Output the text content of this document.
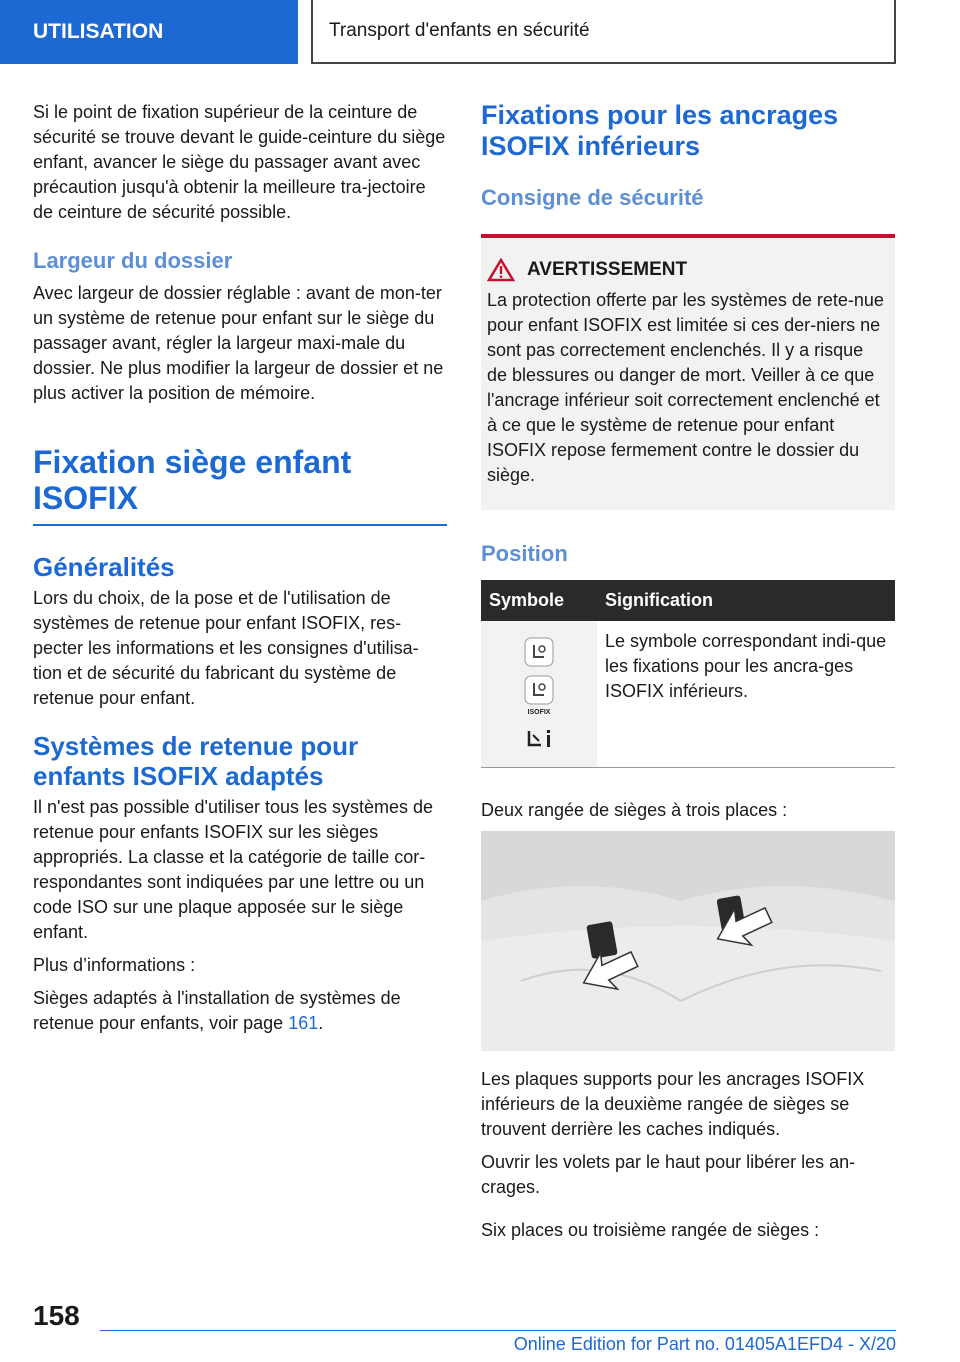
UTILISATION	Transport d'enfants en sécurité

Si le point de fixation supérieur de la ceinture de sécurité se trouve devant le guide-ceinture du siège enfant, avancer le siège du passager avant avec précaution jusqu'à obtenir la meilleure tra-jectoire de ceinture de sécurité possible.

Largeur du dossier

Avec largeur de dossier réglable : avant de mon-ter un système de retenue pour enfant sur le siège du passager avant, régler la largeur maxi-male du dossier. Ne plus modifier la largeur de dossier et ne plus activer la position de mémoire.

Fixation siège enfant ISOFIX
Généralités

Lors du choix, de la pose et de l'utilisation de systèmes de retenue pour enfant ISOFIX, res-pecter les informations et les consignes d'utilisa-tion et de sécurité du fabricant du système de retenue pour enfant.

Systèmes de retenue pour enfants ISOFIX adaptés

Il n'est pas possible d'utiliser tous les systèmes de retenue pour enfants ISOFIX sur les sièges appropriés. La classe et la catégorie de taille cor-respondantes sont indiquées par une lettre ou un code ISO sur une plaque apposée sur le siège enfant.

Plus d’informations :

Sièges adaptés à l'installation de systèmes de retenue pour enfants, voir page 161.

Fixations pour les ancrages ISOFIX inférieurs
Consigne de sécurité
AVERTISSEMENT

La protection offerte par les systèmes de rete-nue pour enfant ISOFIX est limitée si ces der-niers ne sont pas correctement enclenchés. Il y a risque de blessures ou danger de mort. Veiller à ce que l'ancrage inférieur soit correctement enclenché et à ce que le système de retenue pour enfant ISOFIX repose fermement contre le dossier du siège.

Position
Symbole	Signification

ISOFIX	Le symbole correspondant indi-que les fixations pour les ancra-ges ISOFIX inférieurs.

Deux rangée de sièges à trois places :

Les plaques supports pour les ancrages ISOFIX inférieurs de la deuxième rangée de sièges se trouvent derrière les caches indiqués.

Ouvrir les volets par le haut pour libérer les an-crages.

Six places ou troisième rangée de sièges :

158
Online Edition for Part no. 01405A1EFD4 - X/20
